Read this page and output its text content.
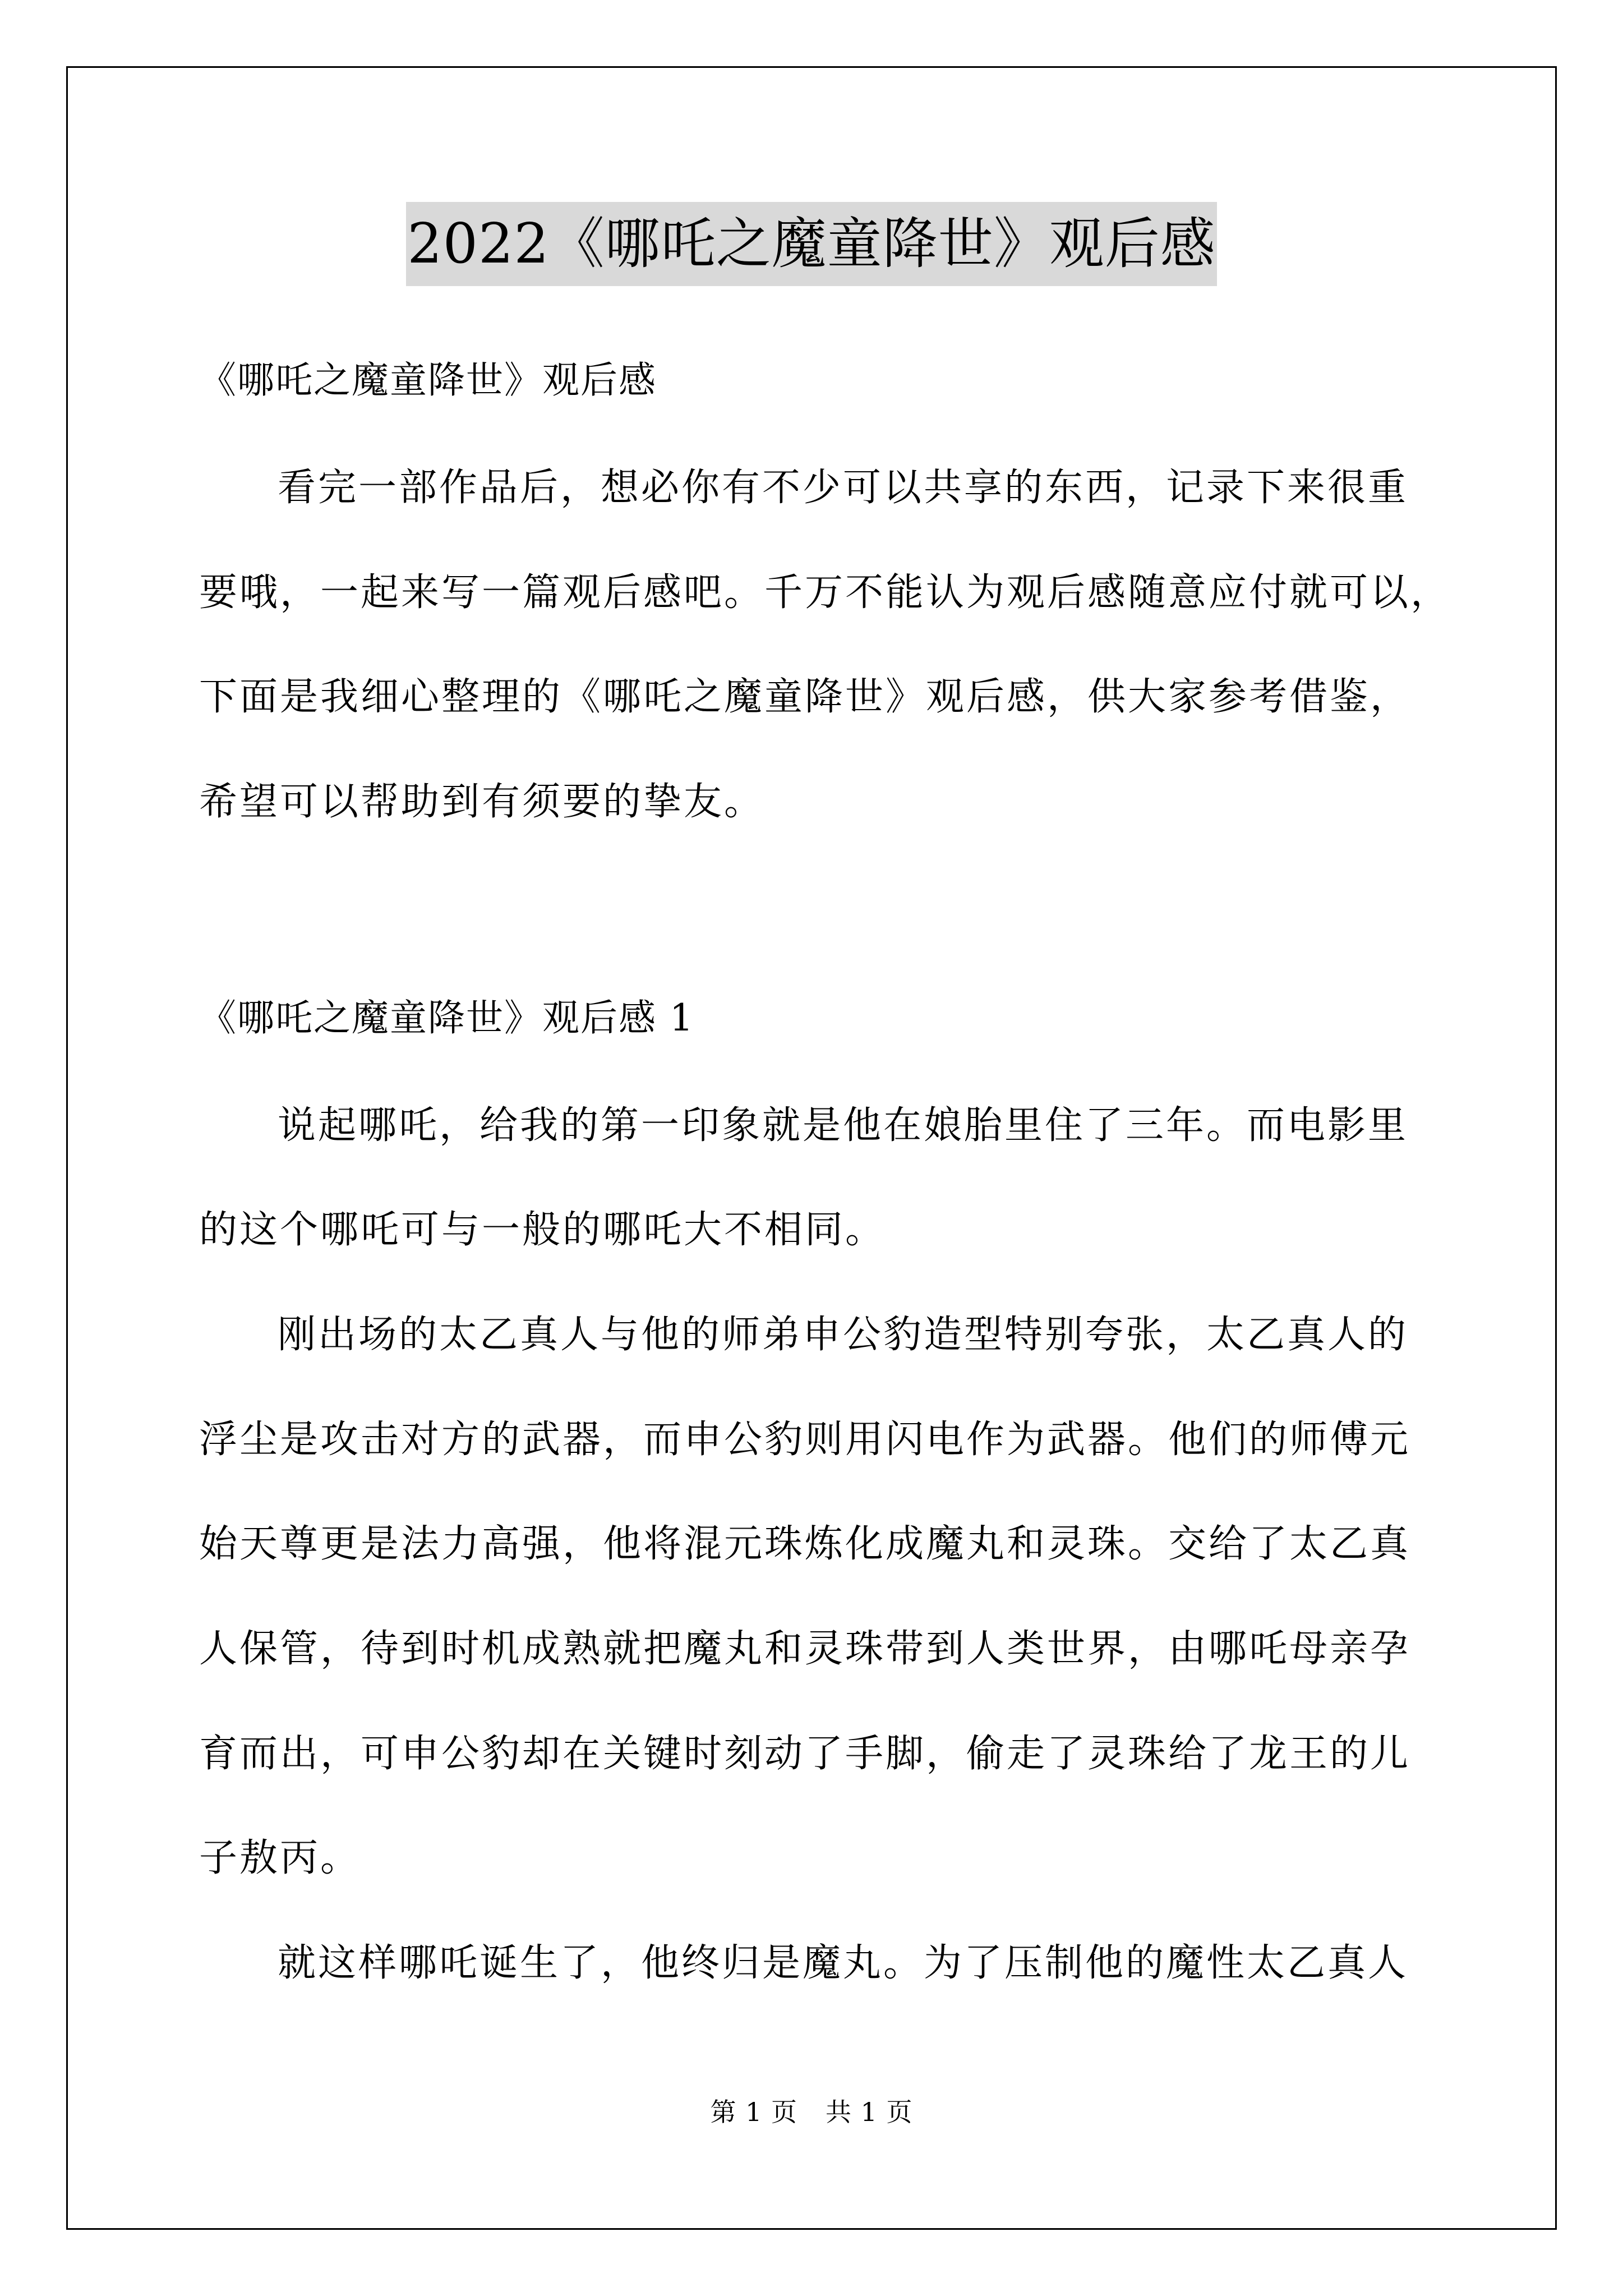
2022《哪吒之魔童降世》观后感
《哪吒之魔童降世》观后感
看完一部作品后，想必你有不少可以共享的东西，记录下来很重
要哦，一起来写一篇观后感吧。千万不能认为观后感随意应付就可以，
下面是我细心整理的《哪吒之魔童降世》观后感，供大家参考借鉴，
希望可以帮助到有须要的挚友。
《哪吒之魔童降世》观后感 1
说起哪吒，给我的第一印象就是他在娘胎里住了三年。而电影里
的这个哪吒可与一般的哪吒大不相同。
刚出场的太乙真人与他的师弟申公豹造型特别夸张，太乙真人的
浮尘是攻击对方的武器，而申公豹则用闪电作为武器。他们的师傅元
始天尊更是法力高强，他将混元珠炼化成魔丸和灵珠。交给了太乙真
人保管，待到时机成熟就把魔丸和灵珠带到人类世界，由哪吒母亲孕
育而出，可申公豹却在关键时刻动了手脚，偷走了灵珠给了龙王的儿
子敖丙。
就这样哪吒诞生了，他终归是魔丸。为了压制他的魔性太乙真人
第 1 页 共 1 页
